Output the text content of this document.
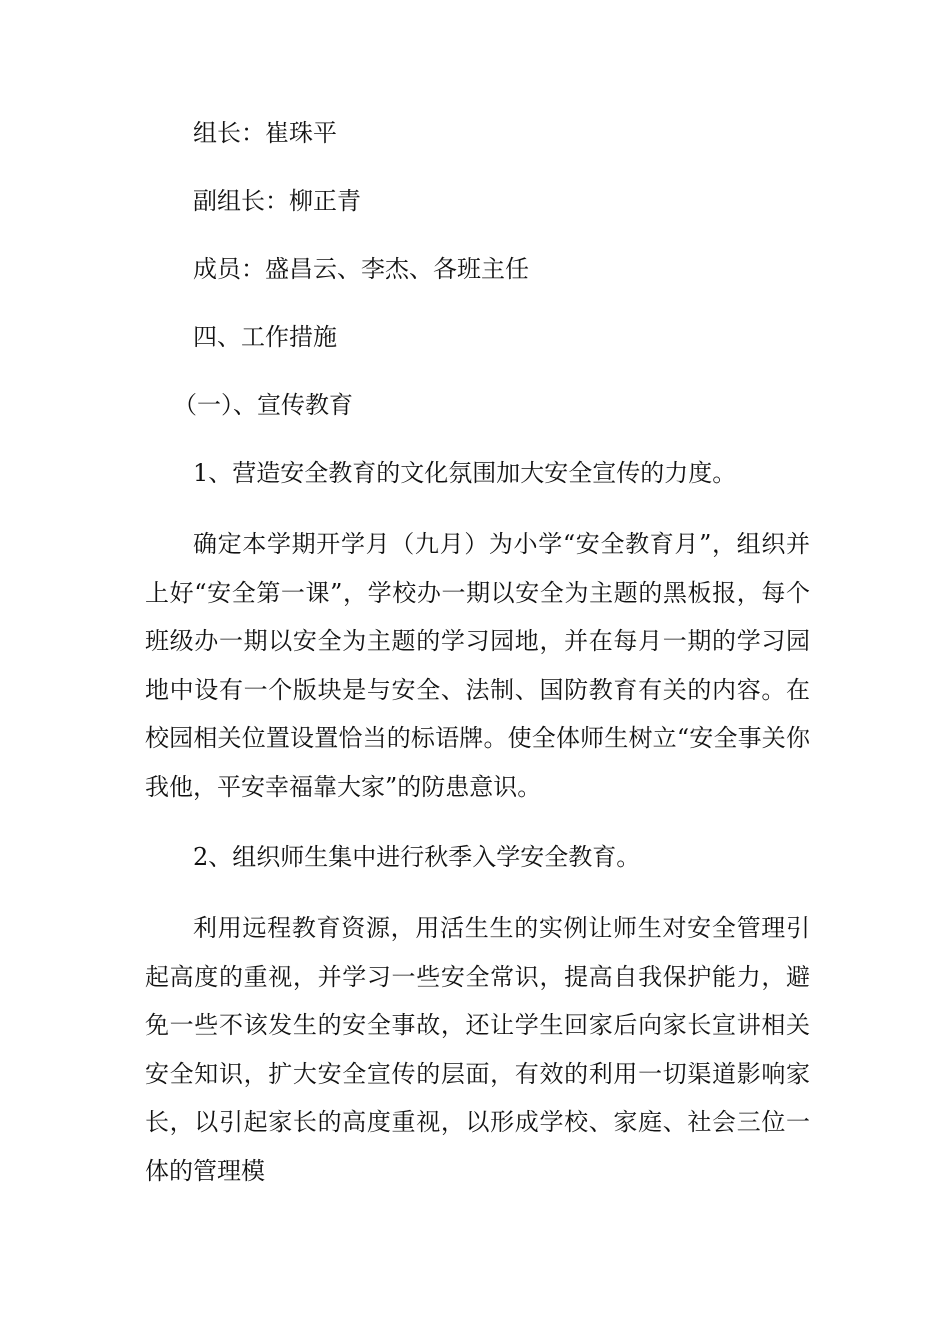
组长：崔珠平
副组长：柳正青
成员：盛昌云、李杰、各班主任
四、工作措施
（一）、宣传教育
1、营造安全教育的文化氛围加大安全宣传的力度。

确定本学期开学月（九月）为小学“安全教育月”，组织并上好“安全第一课”，学校办一期以安全为主题的黑板报，每个班级办一期以安全为主题的学习园地，并在每月一期的学习园地中设有一个版块是与安全、法制、国防教育有关的内容。在校园相关位置设置恰当的标语牌。使全体师生树立“安全事关你我他，平安幸福靠大家”的防患意识。

2、组织师生集中进行秋季入学安全教育。

利用远程教育资源，用活生生的实例让师生对安全管理引起高度的重视，并学习一些安全常识，提高自我保护能力，避免一些不该发生的安全事故，还让学生回家后向家长宣讲相关安全知识，扩大安全宣传的层面，有效的利用一切渠道影响家长，以引起家长的高度重视，以形成学校、家庭、社会三位一体的管理模
